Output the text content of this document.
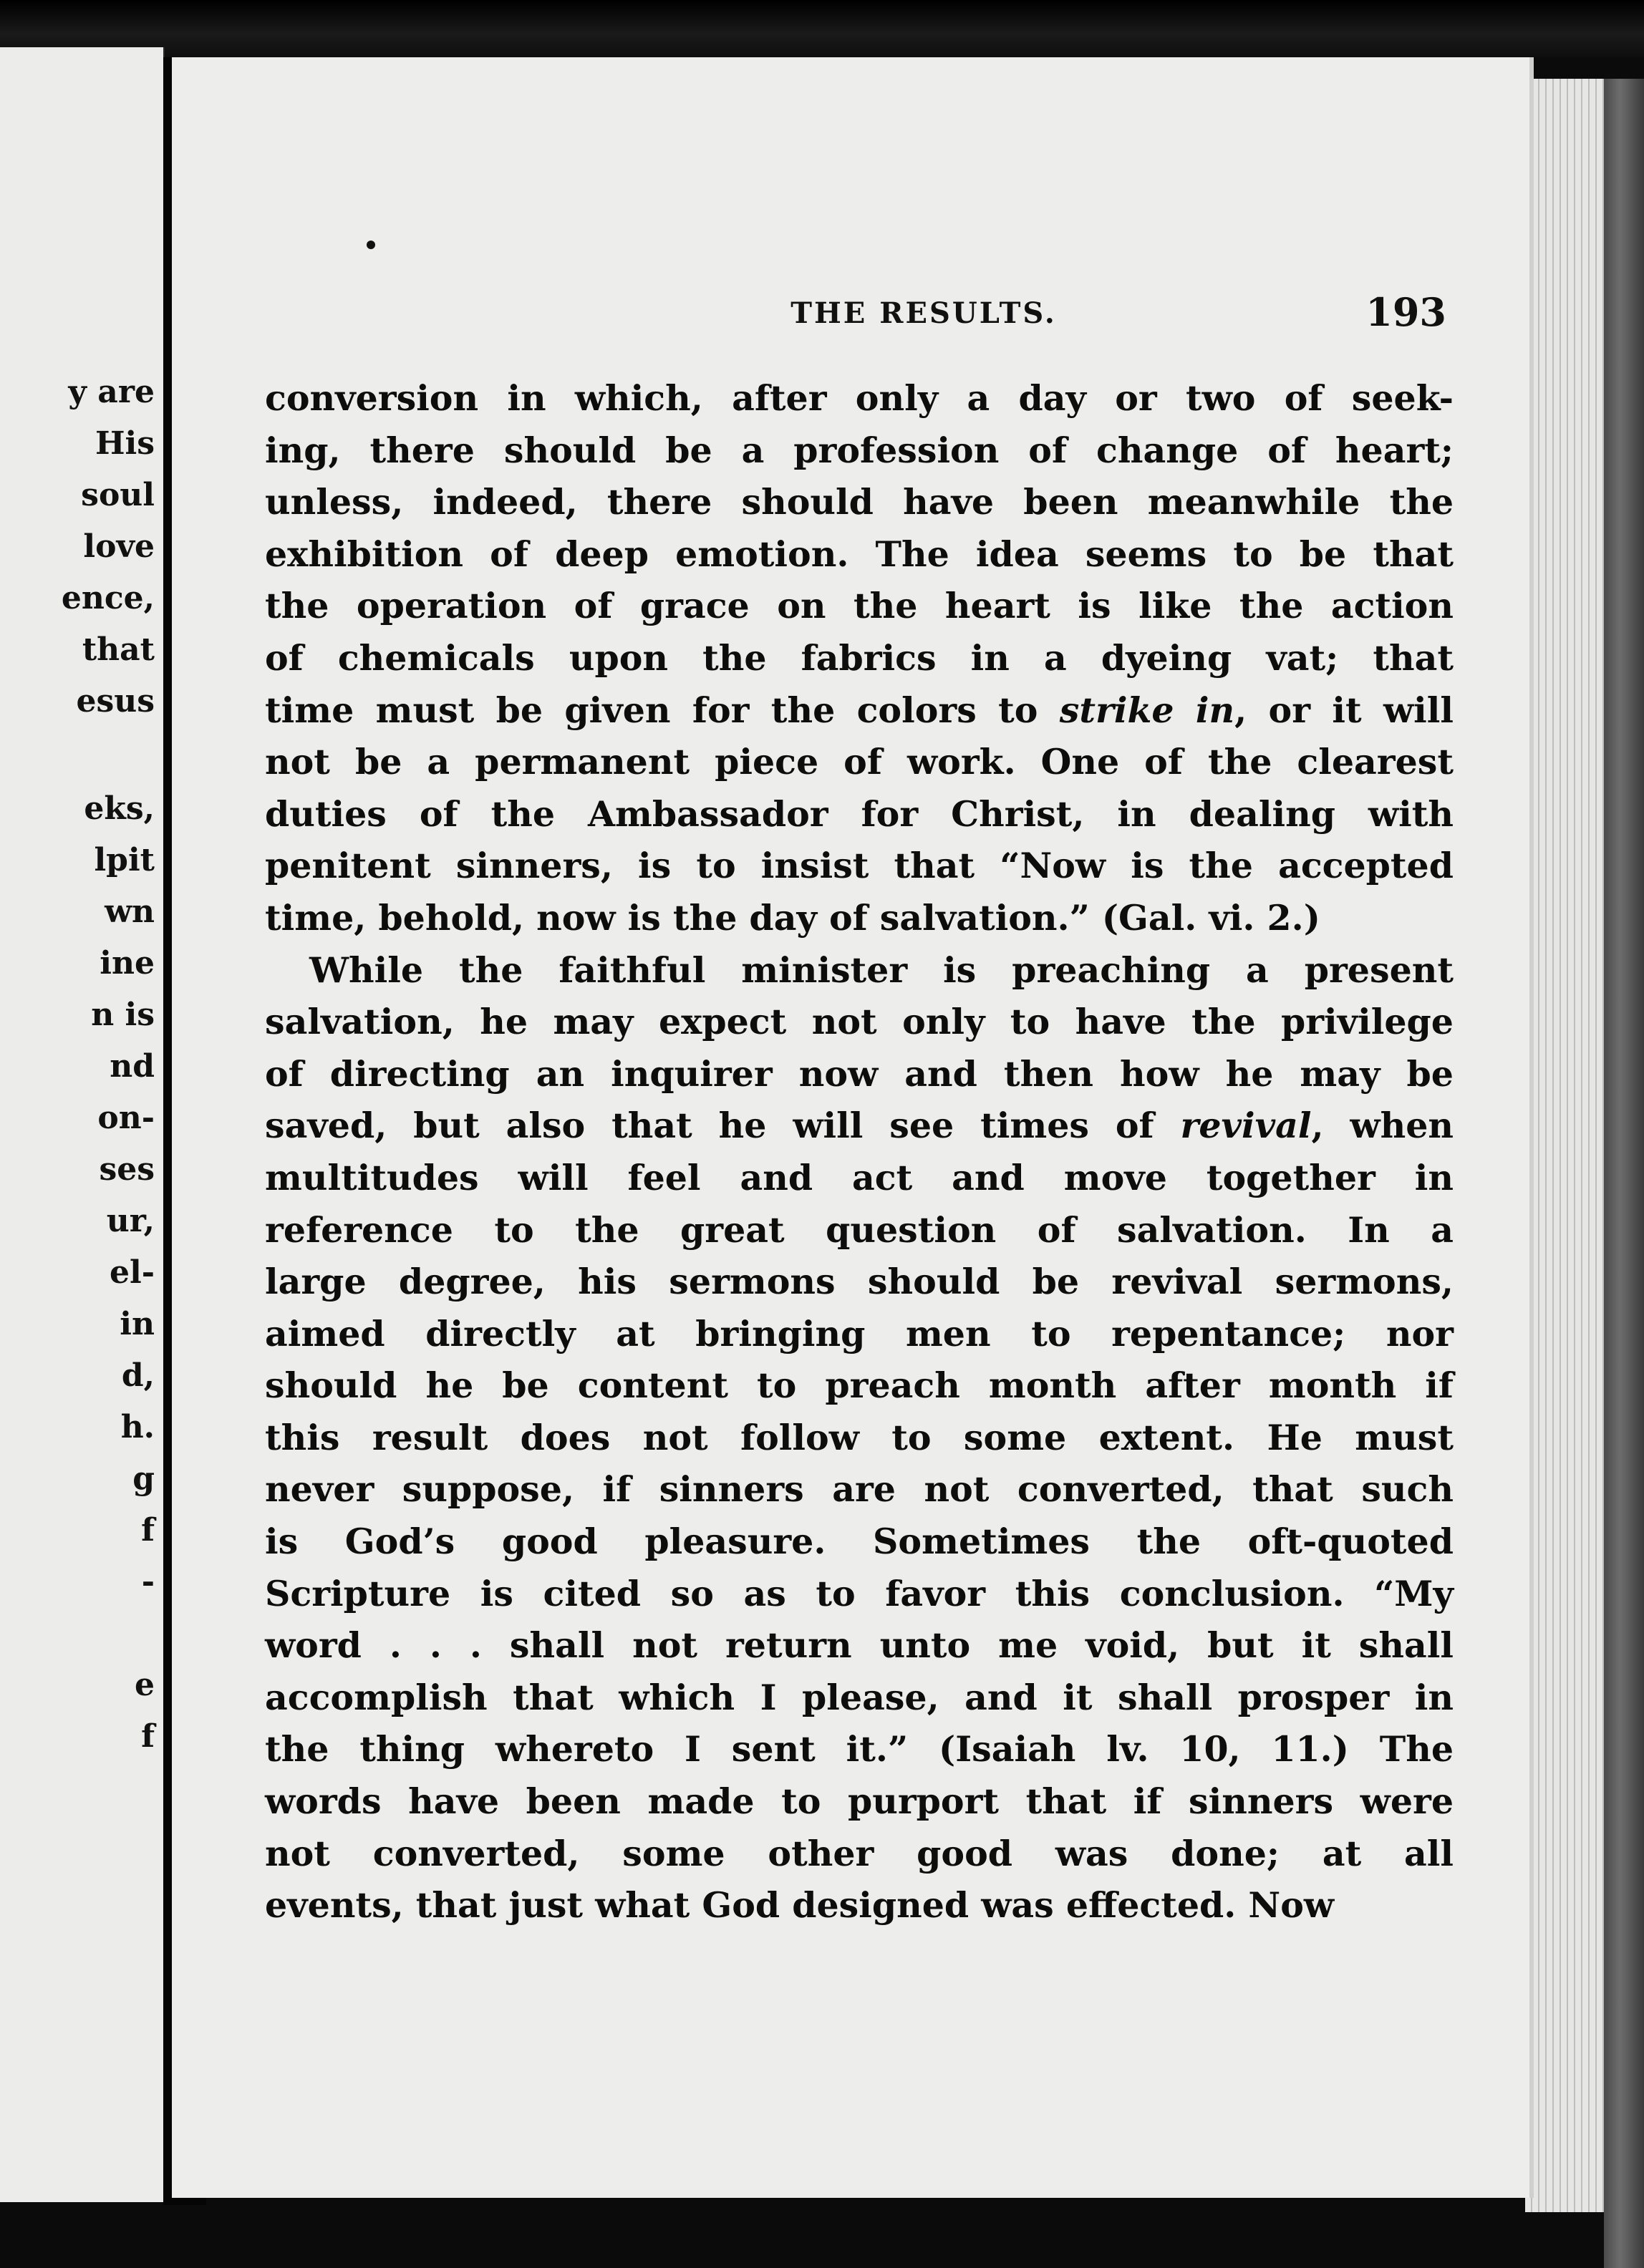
y are
His
soul
love
ence,
that
esus
eks,
lpit
wn
ine
n is
nd
on-
ses
ur,
el-
in
d,
h.
g
f
-
e
f
THE RESULTS.	193
conversion in which, after only a day or two of seek-
ing, there should be a profession of change of heart;
unless, indeed, there should have been meanwhile the
exhibition of deep emotion. The idea seems to be that
the operation of grace on the heart is like the action
of chemicals upon the fabrics in a dyeing vat; that
time must be given for the colors to strike in, or it will
not be a permanent piece of work. One of the clearest
duties of the Ambassador for Christ, in dealing with
penitent sinners, is to insist that “Now is the accepted
time, behold, now is the day of salvation.” (Gal. vi. 2.)
While the faithful minister is preaching a present
salvation, he may expect not only to have the privilege
of directing an inquirer now and then how he may be
saved, but also that he will see times of revival, when
multitudes will feel and act and move together in
reference to the great question of salvation. In a
large degree, his sermons should be revival sermons,
aimed directly at bringing men to repentance; nor
should he be content to preach month after month if
this result does not follow to some extent. He must
never suppose, if sinners are not converted, that such
is God’s good pleasure. Sometimes the oft-quoted
Scripture is cited so as to favor this conclusion. “My
word . . . shall not return unto me void, but it shall
accomplish that which I please, and it shall prosper in
the thing whereto I sent it.” (Isaiah lv. 10, 11.) The
words have been made to purport that if sinners were
not converted, some other good was done; at all
events, that just what God designed was effected. Now
